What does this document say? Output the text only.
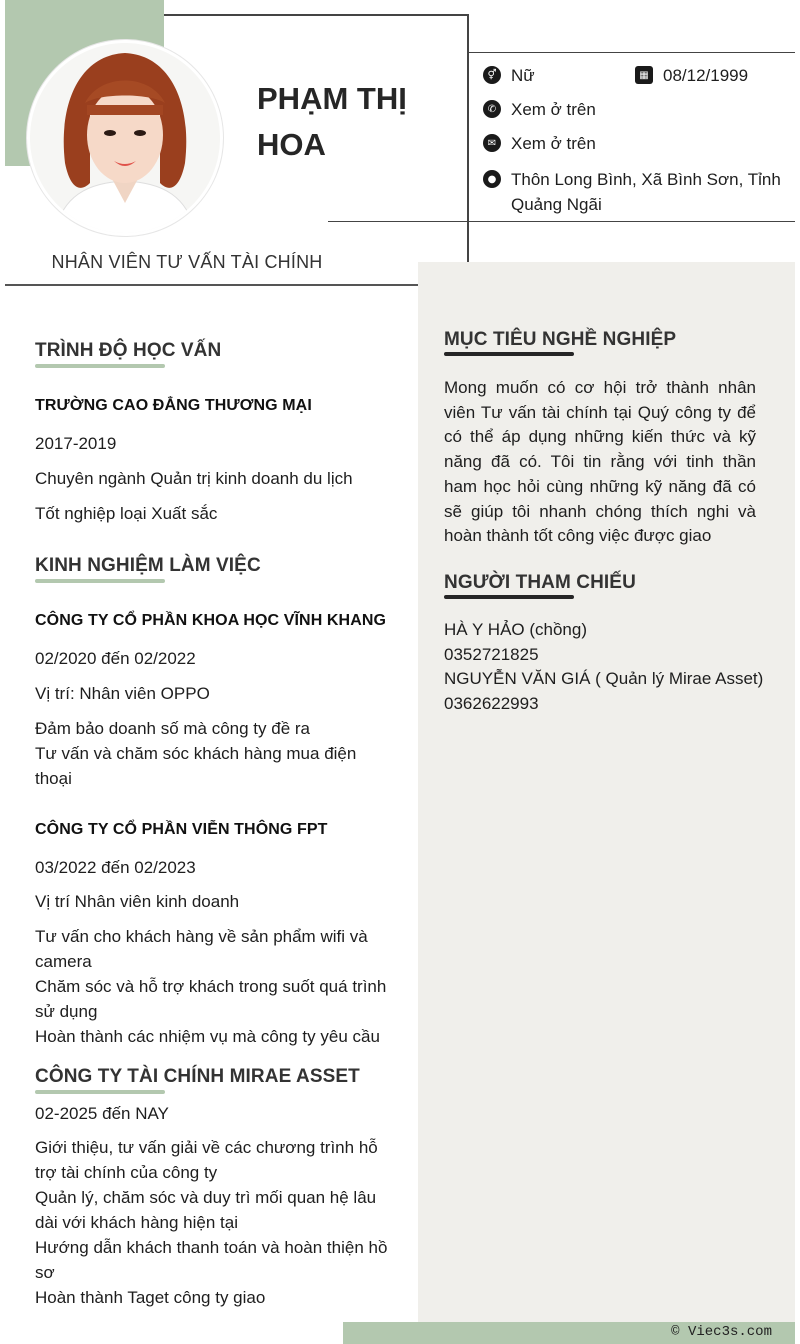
PHẠM THỊ HOA
NHÂN VIÊN TƯ VẤN TÀI CHÍNH
⚥ Nữ	▦ 08/12/1999
✆ Xem ở trên
✉ Xem ở trên
● Thôn Long Bình, Xã Bình Sơn, Tỉnh Quảng Ngãi
TRÌNH ĐỘ HỌC VẤN
TRƯỜNG CAO ĐẲNG THƯƠNG MẠI
2017-2019
Chuyên ngành Quản trị kinh doanh du lịch
Tốt nghiệp loại Xuất sắc
KINH NGHIỆM LÀM VIỆC
CÔNG TY CỔ PHẦN KHOA HỌC VĨNH KHANG
02/2020 đến 02/2022
Vị trí: Nhân viên OPPO
Đảm bảo doanh số mà công ty đề ra
Tư vấn và chăm sóc khách hàng mua điện thoại
CÔNG TY CỔ PHẦN VIỄN THÔNG FPT
03/2022 đến 02/2023
Vị trí Nhân viên kinh doanh
Tư vấn cho khách hàng về sản phẩm wifi và camera
Chăm sóc và hỗ trợ khách trong suốt quá trình sử dụng
Hoàn thành các nhiệm vụ mà công ty yêu cầu
CÔNG TY TÀI CHÍNH MIRAE ASSET
02-2025 đến NAY
Giới thiệu, tư vấn giải về các chương trình hỗ trợ tài chính của công ty
Quản lý, chăm sóc và duy trì mối quan hệ lâu dài với khách hàng hiện tại
Hướng dẫn khách thanh toán và hoàn thiện hồ sơ
Hoàn thành Taget công ty giao
MỤC TIÊU NGHỀ NGHIỆP
Mong muốn có cơ hội trở thành nhân viên Tư vấn tài chính tại Quý công ty để có thể áp dụng những kiến thức và kỹ năng đã có. Tôi tin rằng với tinh thần ham học hỏi cùng những kỹ năng đã có sẽ giúp tôi nhanh chóng thích nghi và hoàn thành tốt công việc được giao
NGƯỜI THAM CHIẾU
HÀ Y HẢO (chồng)
0352721825
NGUYỄN VĂN GIÁ ( Quản lý Mirae Asset)
0362622993
© Viec3s.com
